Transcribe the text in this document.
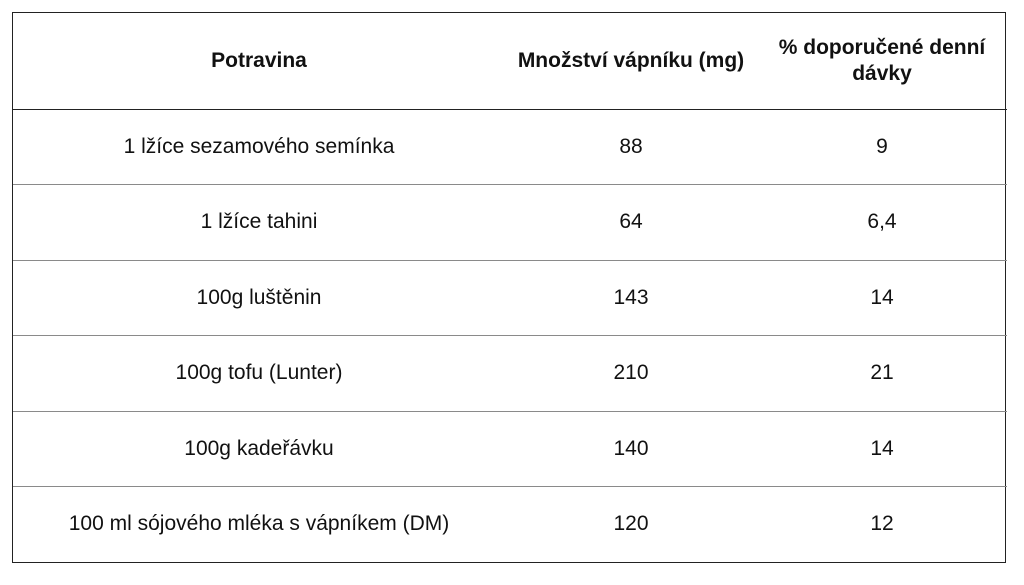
Potravina	Množství vápníku (mg)	% doporučené denní dávky
1 lžíce sezamového semínka	88	9
1 lžíce tahini	64	6,4
100g luštěnin	143	14
100g tofu (Lunter)	210	21
100g kadeřávku	140	14
100 ml sójového mléka s vápníkem (DM)	120	12
